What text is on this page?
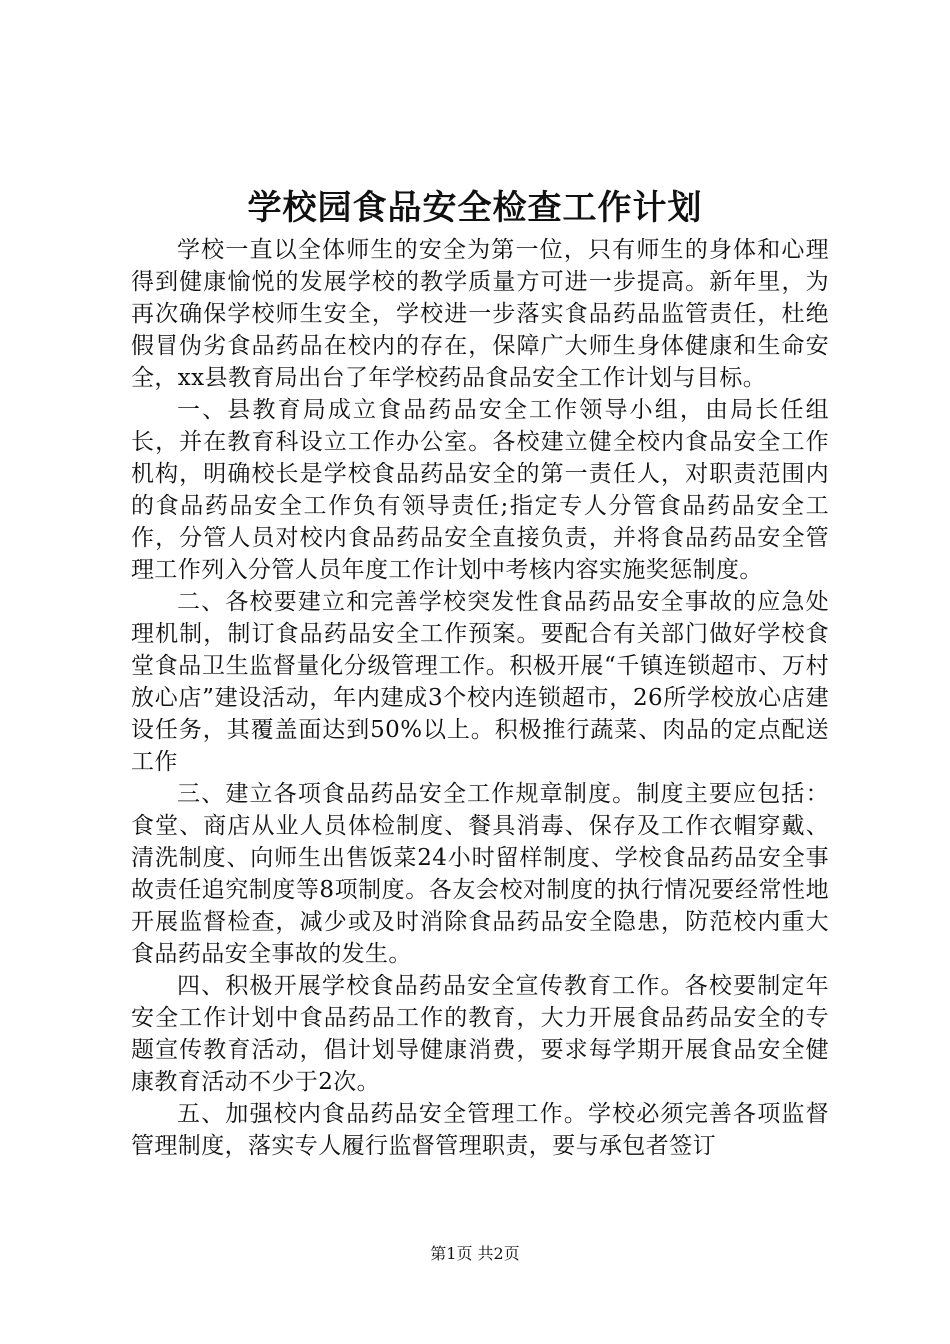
学校园食品安全检查工作计划

学校一直以全体师生的安全为第一位，只有师生的身体和心理得到健康愉悦的发展学校的教学质量方可进一步提高。新年里，为再次确保学校师生安全，学校进一步落实食品药品监管责任，杜绝假冒伪劣食品药品在校内的存在，保障广大师生身体健康和生命安全，xx县教育局出台了年学校药品食品安全工作计划与目标。

一、县教育局成立食品药品安全工作领导小组，由局长任组长，并在教育科设立工作办公室。各校建立健全校内食品安全工作机构，明确校长是学校食品药品安全的第一责任人，对职责范围内的食品药品安全工作负有领导责任;指定专人分管食品药品安全工作，分管人员对校内食品药品安全直接负责，并将食品药品安全管理工作列入分管人员年度工作计划中考核内容实施奖惩制度。

二、各校要建立和完善学校突发性食品药品安全事故的应急处理机制，制订食品药品安全工作预案。要配合有关部门做好学校食堂食品卫生监督量化分级管理工作。积极开展“千镇连锁超市、万村放心店”建设活动，年内建成3个校内连锁超市，26所学校放心店建设任务，其覆盖面达到50%以上。积极推行蔬菜、肉品的定点配送工作

三、建立各项食品药品安全工作规章制度。制度主要应包括：食堂、商店从业人员体检制度、餐具消毒、保存及工作衣帽穿戴、清洗制度、向师生出售饭菜24小时留样制度、学校食品药品安全事故责任追究制度等8项制度。各友会校对制度的执行情况要经常性地开展监督检查，减少或及时消除食品药品安全隐患，防范校内重大食品药品安全事故的发生。

四、积极开展学校食品药品安全宣传教育工作。各校要制定年安全工作计划中食品药品工作的教育，大力开展食品药品安全的专题宣传教育活动，倡计划导健康消费，要求每学期开展食品安全健康教育活动不少于2次。

五、加强校内食品药品安全管理工作。学校必须完善各项监督管理制度，落实专人履行监督管理职责，要与承包者签订

第1页 共2页
